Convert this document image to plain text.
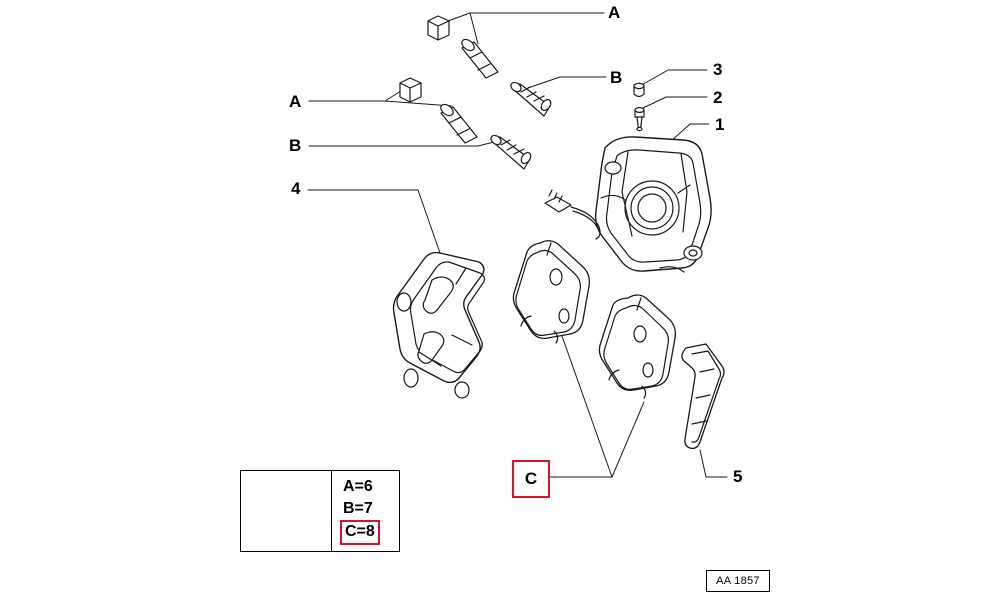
A
B
A
B
3
2
1
4
5
C
A=6
B=7
C=8
AA 1857
